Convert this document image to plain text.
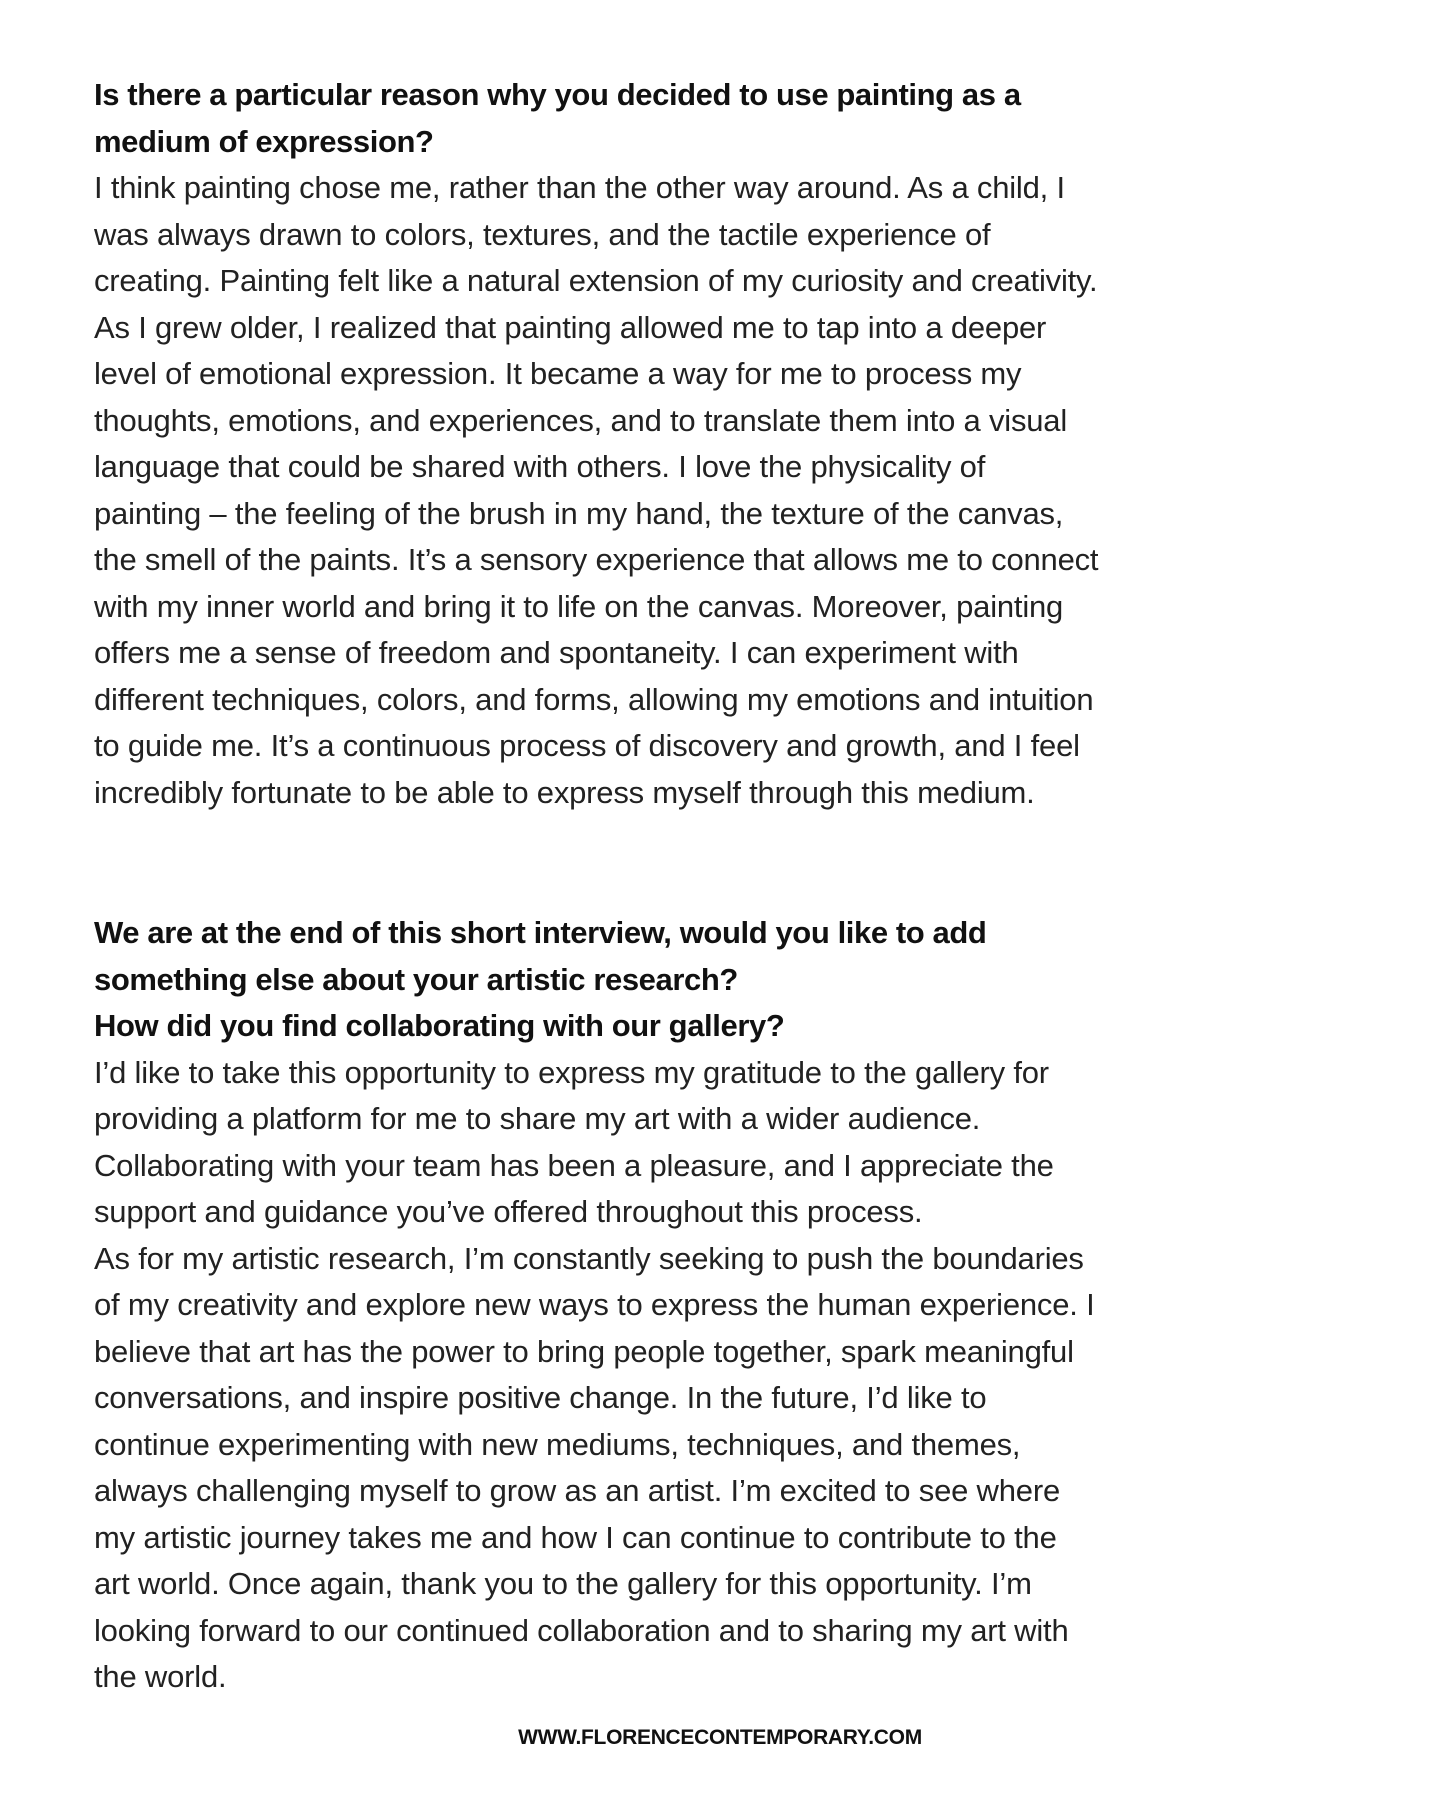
Is there a particular reason why you decided to use painting as a
medium of expression?
I think painting chose me, rather than the other way around. As a child, I
was always drawn to colors, textures, and the tactile experience of
creating. Painting felt like a natural extension of my curiosity and creativity.
As I grew older, I realized that painting allowed me to tap into a deeper
level of emotional expression. It became a way for me to process my
thoughts, emotions, and experiences, and to translate them into a visual
language that could be shared with others. I love the physicality of
painting – the feeling of the brush in my hand, the texture of the canvas,
the smell of the paints. It’s a sensory experience that allows me to connect
with my inner world and bring it to life on the canvas. Moreover, painting
offers me a sense of freedom and spontaneity. I can experiment with
different techniques, colors, and forms, allowing my emotions and intuition
to guide me. It’s a continuous process of discovery and growth, and I feel
incredibly fortunate to be able to express myself through this medium.
We are at the end of this short interview, would you like to add
something else about your artistic research?
How did you find collaborating with our gallery?
I’d like to take this opportunity to express my gratitude to the gallery for
providing a platform for me to share my art with a wider audience.
Collaborating with your team has been a pleasure, and I appreciate the
support and guidance you’ve offered throughout this process.
As for my artistic research, I’m constantly seeking to push the boundaries
of my creativity and explore new ways to express the human experience. I
believe that art has the power to bring people together, spark meaningful
conversations, and inspire positive change. In the future, I’d like to
continue experimenting with new mediums, techniques, and themes,
always challenging myself to grow as an artist. I’m excited to see where
my artistic journey takes me and how I can continue to contribute to the
art world. Once again, thank you to the gallery for this opportunity. I’m
looking forward to our continued collaboration and to sharing my art with
the world.
WWW.FLORENCECONTEMPORARY.COM
